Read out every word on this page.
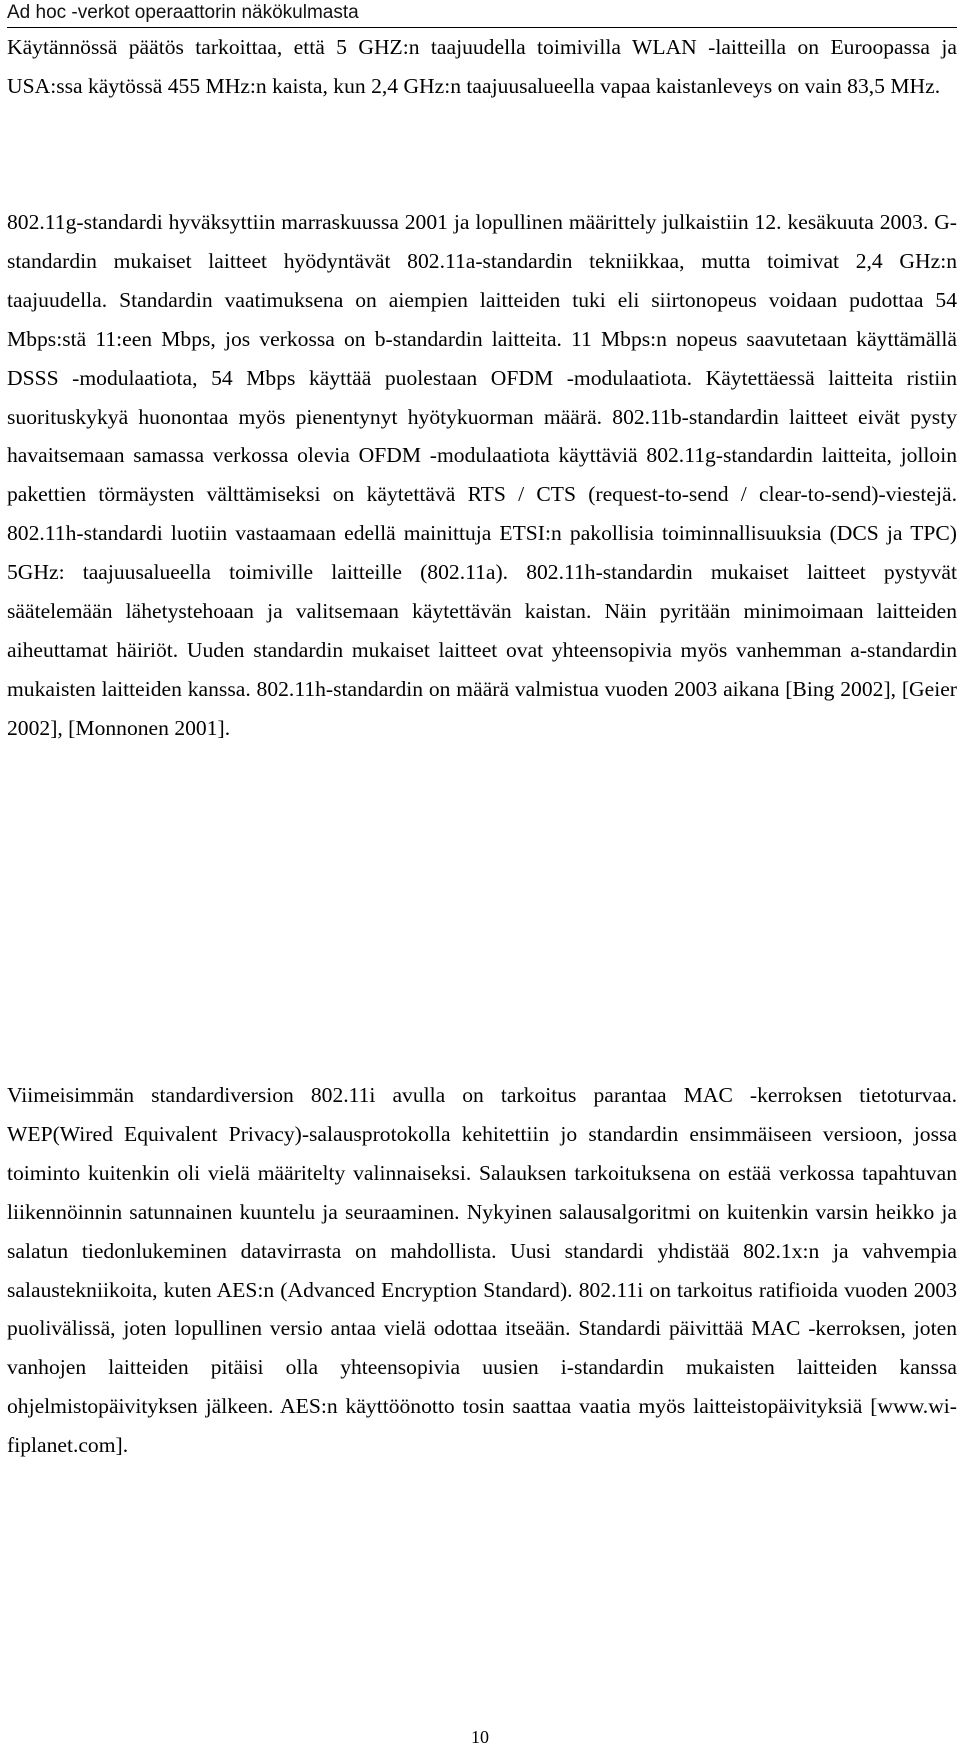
Ad hoc -verkot operaattorin näkökulmasta

Käytännössä päätös tarkoittaa, että 5 GHZ:n taajuudella toimivilla WLAN -laitteilla on Euroopassa ja USA:ssa käytössä 455 MHz:n kaista, kun 2,4 GHz:n taajuusalueella vapaa kaistanleveys on vain 83,5 MHz.

802.11g-standardi hyväksyttiin marraskuussa 2001 ja lopullinen määrittely julkaistiin 12. kesäkuuta 2003. G-standardin mukaiset laitteet hyödyntävät 802.11a-standardin tekniikkaa, mutta toimivat 2,4 GHz:n taajuudella. Standardin vaatimuksena on aiempien laitteiden tuki eli siirtonopeus voidaan pudottaa 54 Mbps:stä 11:een Mbps, jos verkossa on b-standardin laitteita. 11 Mbps:n nopeus saavutetaan käyttämällä DSSS -modulaatiota, 54 Mbps käyttää puolestaan OFDM -modulaatiota. Käytettäessä laitteita ristiin suorituskykyä huonontaa myös pienentynyt hyötykuorman määrä. 802.11b-standardin laitteet eivät pysty havaitsemaan samassa verkossa olevia OFDM -modulaatiota käyttäviä 802.11g-standardin laitteita, jolloin pakettien törmäysten välttämiseksi on käytettävä RTS / CTS (request-to-send / clear-to-send)-viestejä. 802.11h-standardi luotiin vastaamaan edellä mainittuja ETSI:n pakollisia toiminnallisuuksia (DCS ja TPC) 5GHz: taajuusalueella toimiville laitteille (802.11a). 802.11h-standardin mukaiset laitteet pystyvät säätelemään lähetystehoaan ja valitsemaan käytettävän kaistan. Näin pyritään minimoimaan laitteiden aiheuttamat häiriöt. Uuden standardin mukaiset laitteet ovat yhteensopivia myös vanhemman a-standardin mukaisten laitteiden kanssa. 802.11h-standardin on määrä valmistua vuoden 2003 aikana [Bing 2002], [Geier 2002], [Monnonen 2001].

Viimeisimmän standardiversion 802.11i avulla on tarkoitus parantaa MAC -kerroksen tietoturvaa. WEP(Wired Equivalent Privacy)-salausprotokolla kehitettiin jo standardin ensimmäiseen versioon, jossa toiminto kuitenkin oli vielä määritelty valinnaiseksi. Salauksen tarkoituksena on estää verkossa tapahtuvan liikennöinnin satunnainen kuuntelu ja seuraaminen. Nykyinen salausalgoritmi on kuitenkin varsin heikko ja salatun tiedonlukeminen datavirrasta on mahdollista. Uusi standardi yhdistää 802.1x:n ja vahvempia salaustekniikoita, kuten AES:n (Advanced Encryption Standard). 802.11i on tarkoitus ratifioida vuoden 2003 puolivälissä, joten lopullinen versio antaa vielä odottaa itseään. Standardi päivittää MAC -kerroksen, joten vanhojen laitteiden pitäisi olla yhteensopivia uusien i-standardin mukaisten laitteiden kanssa ohjelmistopäivityksen jälkeen. AES:n käyttöönotto tosin saattaa vaatia myös laitteistopäivityksiä [www.wi-fiplanet.com].

10
